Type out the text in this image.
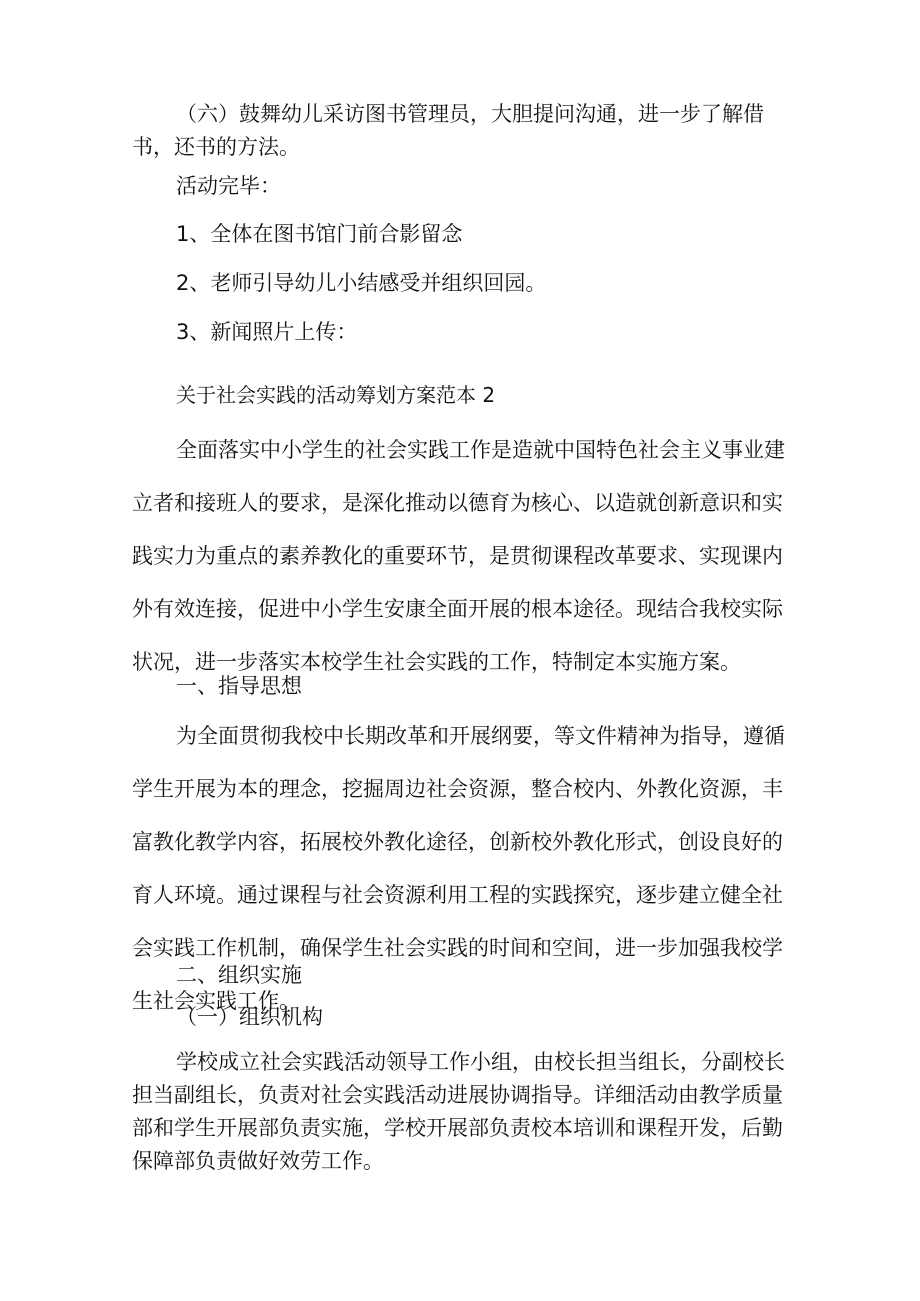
（六）鼓舞幼儿采访图书管理员，大胆提问沟通，进一步了解借书，还书的方法。

活动完毕：

1、全体在图书馆门前合影留念

2、老师引导幼儿小结感受并组织回园。

3、新闻照片上传：

关于社会实践的活动筹划方案范本 2

全面落实中小学生的社会实践工作是造就中国特色社会主义事业建立者和接班人的要求，是深化推动以德育为核心、以造就创新意识和实践实力为重点的素养教化的重要环节，是贯彻课程改革要求、实现课内外有效连接，促进中小学生安康全面开展的根本途径。现结合我校实际状况，进一步落实本校学生社会实践的工作，特制定本实施方案。

一、指导思想

为全面贯彻我校中长期改革和开展纲要，等文件精神为指导，遵循学生开展为本的理念，挖掘周边社会资源，整合校内、外教化资源，丰富教化教学内容，拓展校外教化途径，创新校外教化形式，创设良好的育人环境。通过课程与社会资源利用工程的实践探究，逐步建立健全社会实践工作机制，确保学生社会实践的时间和空间，进一步加强我校学生社会实践工作。

二、组织实施

（一）组织机构

学校成立社会实践活动领导工作小组，由校长担当组长，分副校长担当副组长，负责对社会实践活动进展协调指导。详细活动由教学质量部和学生开展部负责实施，学校开展部负责校本培训和课程开发，后勤保障部负责做好效劳工作。
